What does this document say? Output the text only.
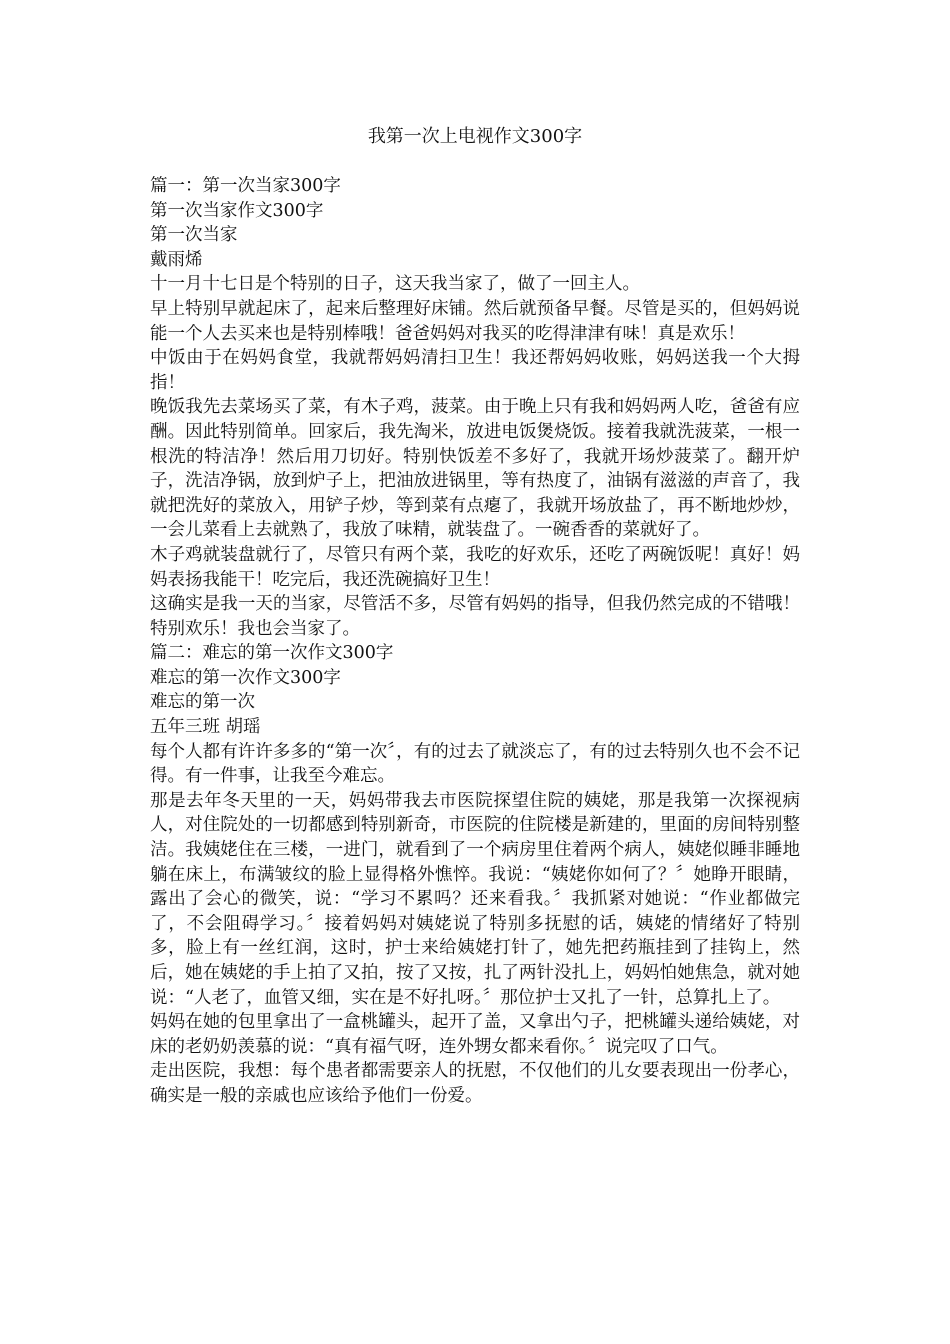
我第一次上电视作文300字

篇一：第一次当家300字

第一次当家作文300字

第一次当家

戴雨烯

十一月十七日是个特别的日子，这天我当家了，做了一回主人。

早上特别早就起床了，起来后整理好床铺。然后就预备早餐。尽管是买的，但妈妈说能一个人去买来也是特别棒哦！爸爸妈妈对我买的吃得津津有味！真是欢乐！

中饭由于在妈妈食堂，我就帮妈妈清扫卫生！我还帮妈妈收账，妈妈送我一个大拇指！

晚饭我先去菜场买了菜，有木子鸡，菠菜。由于晚上只有我和妈妈两人吃，爸爸有应酬。因此特别简单。回家后，我先淘米，放进电饭煲烧饭。接着我就洗菠菜，一根一根洗的特洁净！然后用刀切好。特别快饭差不多好了，我就开场炒菠菜了。翻开炉子，洗洁净锅，放到炉子上，把油放进锅里，等有热度了，油锅有滋滋的声音了，我就把洗好的菜放入，用铲子炒，等到菜有点瘪了，我就开场放盐了，再不断地炒炒，一会儿菜看上去就熟了，我放了味精，就装盘了。一碗香香的菜就好了。

木子鸡就装盘就行了，尽管只有两个菜，我吃的好欢乐，还吃了两碗饭呢！真好！妈妈表扬我能干！吃完后，我还洗碗搞好卫生！

这确实是我一天的当家，尽管活不多，尽管有妈妈的指导，但我仍然完成的不错哦！特别欢乐！我也会当家了。

篇二：难忘的第一次作文300字

难忘的第一次作文300字

难忘的第一次

五年三班 胡瑶

每个人都有许许多多的“第一次〞，有的过去了就淡忘了，有的过去特别久也不会不记得。有一件事，让我至今难忘。

那是去年冬天里的一天，妈妈带我去市医院探望住院的姨姥，那是我第一次探视病人，对住院处的一切都感到特别新奇，市医院的住院楼是新建的，里面的房间特别整洁。我姨姥住在三楼，一进门，就看到了一个病房里住着两个病人，姨姥似睡非睡地躺在床上，布满皱纹的脸上显得格外憔悴。我说：“姨姥你如何了？〞她睁开眼睛，露出了会心的微笑，说：“学习不累吗？还来看我。〞我抓紧对她说：“作业都做完了，不会阻碍学习。〞接着妈妈对姨姥说了特别多抚慰的话，姨姥的情绪好了特别多，脸上有一丝红润，这时，护士来给姨姥打针了，她先把药瓶挂到了挂钩上，然后，她在姨姥的手上拍了又拍，按了又按，扎了两针没扎上，妈妈怕她焦急，就对她说：“人老了，血管又细，实在是不好扎呀。〞那位护士又扎了一针，总算扎上了。

妈妈在她的包里拿出了一盒桃罐头，起开了盖，又拿出勺子，把桃罐头递给姨姥，对床的老奶奶羡慕的说：“真有福气呀，连外甥女都来看你。〞说完叹了口气。

走出医院，我想：每个患者都需要亲人的抚慰，不仅他们的儿女要表现出一份孝心，确实是一般的亲戚也应该给予他们一份爱。
